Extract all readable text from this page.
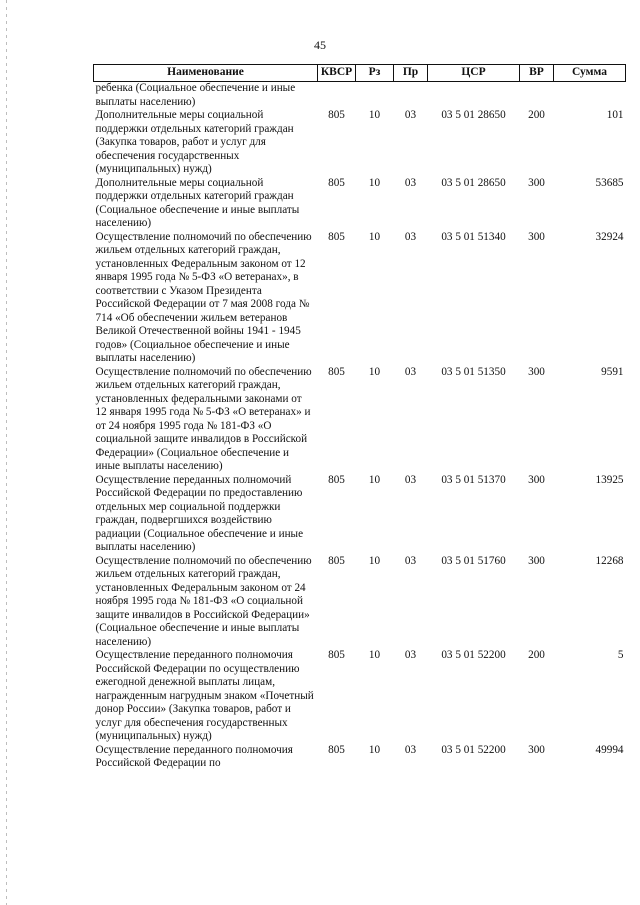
45
Наименование	КВСР	Рз	Пр	ЦСР	ВР	Сумма
ребенка (Социальное обеспечение и иные выплаты населению)						
Дополнительные меры социальной поддержки отдельных категорий граждан (Закупка товаров, работ и услуг для обеспечения государственных (муниципальных) нужд)	805	10	03	03 5 01 28650	200	101
Дополнительные меры социальной поддержки отдельных категорий граждан (Социальное обеспечение и иные выплаты населению)	805	10	03	03 5 01 28650	300	53685
Осуществление полномочий по обеспечению жильем отдельных категорий граждан, установленных Федеральным законом от 12 января 1995 года № 5-ФЗ «О ветеранах», в соответствии с Указом Президента Российской Федерации от 7 мая 2008 года № 714 «Об обеспечении жильем ветеранов Великой Отечественной войны 1941 - 1945 годов» (Социальное обеспечение и иные выплаты населению)	805	10	03	03 5 01 51340	300	32924
Осуществление полномочий по обеспечению жильем отдельных категорий граждан, установленных федеральными законами от 12 января 1995 года № 5-ФЗ «О ветеранах» и от 24 ноября 1995 года № 181-ФЗ «О социальной защите инвалидов в Российской Федерации» (Социальное обеспечение и иные выплаты населению)	805	10	03	03 5 01 51350	300	9591
Осуществление переданных полномочий Российской Федерации по предоставлению отдельных мер социальной поддержки граждан, подвергшихся воздействию радиации (Социальное обеспечение и иные выплаты населению)	805	10	03	03 5 01 51370	300	13925
Осуществление полномочий по обеспечению жильем отдельных категорий граждан, установленных Федеральным законом от 24 ноября 1995 года № 181-ФЗ «О социальной защите инвалидов в Российской Федерации» (Социальное обеспечение и иные выплаты населению)	805	10	03	03 5 01 51760	300	12268
Осуществление переданного полномочия Российской Федерации по осуществлению ежегодной денежной выплаты лицам, награжденным нагрудным знаком «Почетный донор России» (Закупка товаров, работ и услуг для обеспечения государственных (муниципальных) нужд)	805	10	03	03 5 01 52200	200	5
Осуществление переданного полномочия Российской Федерации по	805	10	03	03 5 01 52200	300	49994
